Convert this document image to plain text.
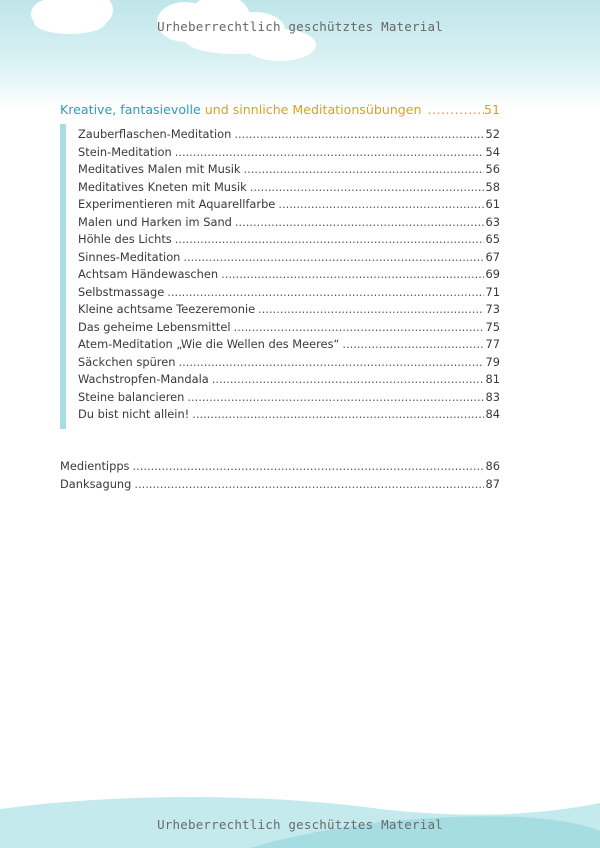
Urheberrechtlich geschütztes Material
Kreative, fantasievolle und sinnliche Meditationsübungen .....	51
Zauberflaschen-Meditation .....	52
Stein-Meditation .....	54
Meditatives Malen mit Musik .....	56
Meditatives Kneten mit Musik .....	58
Experimentieren mit Aquarellfarbe .....	61
Malen und Harken im Sand .....	63
Höhle des Lichts .....	65
Sinnes-Meditation .....	67
Achtsam Händewaschen .....	69
Selbstmassage .....	71
Kleine achtsame Teezeremonie .....	73
Das geheime Lebensmittel .....	75
Atem-Meditation „Wie die Wellen des Meeres“ .....	77
Säckchen spüren .....	79
Wachstropfen-Mandala .....	81
Steine balancieren .....	83
Du bist nicht allein! .....	84
Medientipps .....	86
Danksagung .....	87
Urheberrechtlich geschütztes Material
